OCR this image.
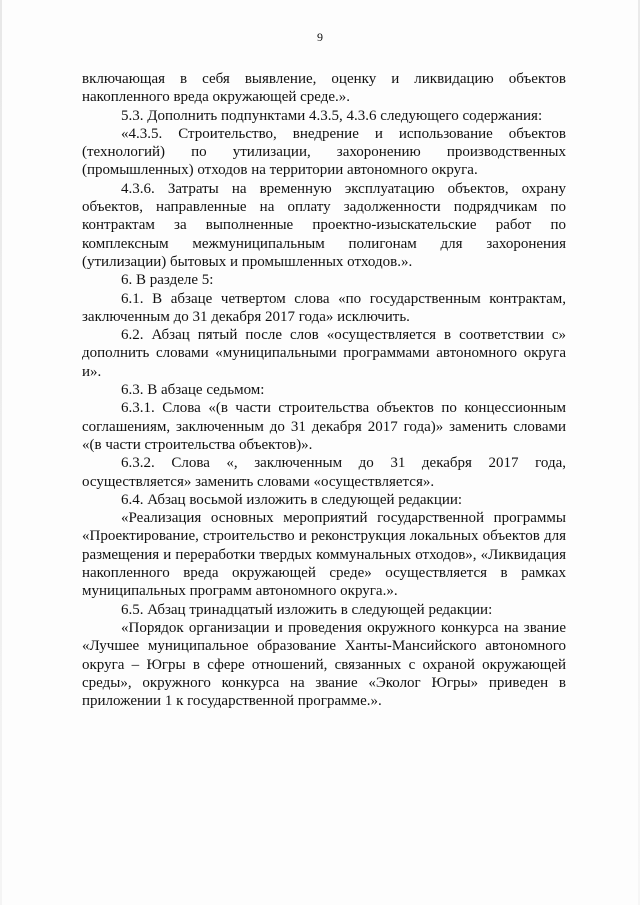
9

включающая в себя выявление, оценку и ликвидацию объектов накопленного вреда окружающей среде.».

5.3. Дополнить подпунктами 4.3.5, 4.3.6 следующего содержания:

«4.3.5. Строительство, внедрение и использование объектов (технологий) по утилизации, захоронению производственных (промышленных) отходов на территории автономного округа.

4.3.6. Затраты на временную эксплуатацию объектов, охрану объектов, направленные на оплату задолженности подрядчикам по контрактам за выполненные проектно-изыскательские работ по комплексным межмуниципальным полигонам для захоронения (утилизации) бытовых и промышленных отходов.».

6. В разделе 5:

6.1. В абзаце четвертом слова «по государственным контрактам, заключенным до 31 декабря 2017 года» исключить.

6.2. Абзац пятый после слов «осуществляется в соответствии с» дополнить словами «муниципальными программами автономного округа и».

6.3. В абзаце седьмом:

6.3.1. Слова «(в части строительства объектов по концессионным соглашениям, заключенным до 31 декабря 2017 года)» заменить словами «(в части строительства объектов)».

6.3.2. Слова «, заключенным до 31 декабря 2017 года, осуществляется» заменить словами «осуществляется».

6.4. Абзац восьмой изложить в следующей редакции:

«Реализация основных мероприятий государственной программы «Проектирование, строительство и реконструкция локальных объектов для размещения и переработки твердых коммунальных отходов», «Ликвидация накопленного вреда окружающей среде» осуществляется в рамках муниципальных программ автономного округа.».

6.5. Абзац тринадцатый изложить в следующей редакции:

«Порядок организации и проведения окружного конкурса на звание «Лучшее муниципальное образование Ханты-Мансийского автономного округа – Югры в сфере отношений, связанных с охраной окружающей среды», окружного конкурса на звание «Эколог Югры» приведен в приложении 1 к государственной программе.».
